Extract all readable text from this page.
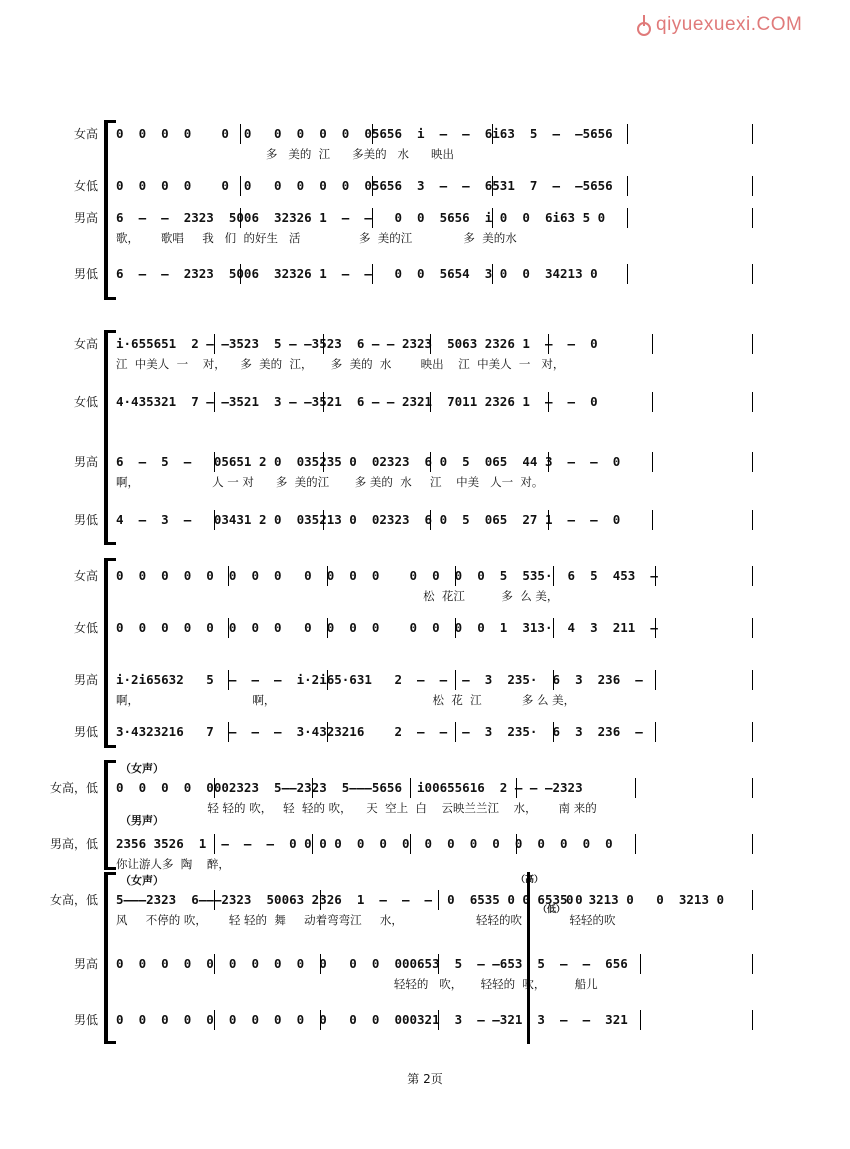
qiyuexuexi.COM
女高 0  0  0  0    0  0   0  0  0  0  05656  i  –  –  6i63  5  –  –5656
多   美的  江      多美的   水      映出
女低 0  0  0  0    0  0   0  0  0  0  05656  3  –  –  6531  7  –  –5656
男高 6  –  –  2323  5006  32326 1  –  –   0  0  5656  i 0  0  6i63 5 0
歌，      歌唱     我   们  的好生   活                多  美的江              多  美的水
男低 6  –  –  2323  5006  32326 1  –  –   0  0  5654  3 0  0  34213 0
女高 i·655651  2 – –3523  5 – –3523  6 – – 2323  5063 2326 1  –  –  0
江  中美人  一    对，    多  美的  江，     多  美的  水        映出    江  中美人  一   对，
女低 4·435321  7 – –3521  3 – –3521  6 – – 2321  7011 2326 1  –  –  0
男高 6  –  5  –   05651 2 0  035235 0  02323  6 0  5  065  44 3  –  –  0
啊，                    人 一 对      多  美的江       多 美的  水     江    中美   人一  对。
男低 4  –  3  –   03431 2 0  035213 0  02323  6 0  5  065  27 1  –  –  0
女高 0  0  0  0  0  0  0  0   0  0  0  0    0  0  0  0  5  535·  6  5  453  –
松  花江          多  么 美，
女低 0  0  0  0  0  0  0  0   0  0  0  0    0  0  0  0  1  313·  4  3  211  –
男高 i·2i65632   5  –  –  –  i·2i65·631   2  –  –  –  3  235·  6  3  236  –
啊，                               啊，                                           松  花  江           多 么 美，
男低 3·4323216   7  –  –  –  3·4323216    2  –  –  –  3  235·  6  3  236  –
（女声）
（男声）
女高，低 0  0  0  0  0002323  5––2323  5–––5656  i00655616  2 – – –2323
轻 轻的 吹，   轻  轻的 吹，    天  空上  白    云映兰兰江    水，      南 来的
男高，低 2356 3526  1  –  –  –  0 0 0 0  0  0  0  0  0  0  0  0  0  0  0  0
你让游人多  陶    醉，
（女声）
女高，低 5–––2323  6–––2323  50063 2326  1  –  –  –  0  6535 0 0 6535 0
风     不停的 吹，      轻 轻的  舞     动着弯弯江     水，                    轻轻的吹             轻轻的吹
男高 0  0  0  0  0  0  0  0  0  0   0  0  000653  5  – –653  5  –  –  656
轻轻的   吹，     轻轻的  吹，        船儿
男低 0  0  0  0  0  0  0  0  0  0   0  0  000321  3  – –321  3  –  –  321
（高）
（低）
0  3213 0   0  3213 0
第 2页
